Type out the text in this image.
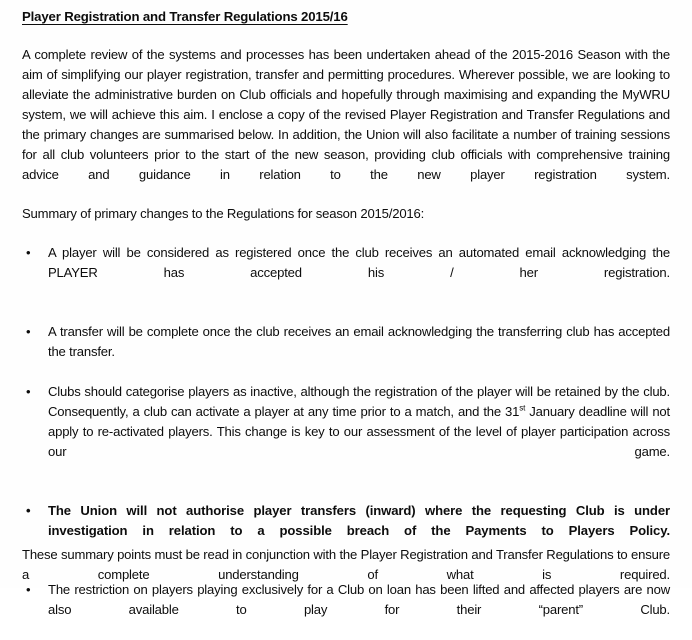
Player Registration and Transfer Regulations 2015/16
A complete review of the systems and processes has been undertaken ahead of the 2015-2016 Season with the aim of simplifying our player registration, transfer and permitting procedures. Wherever possible, we are looking to alleviate the administrative burden on Club officials and hopefully through maximising and expanding the MyWRU system, we will achieve this aim. I enclose a copy of the revised Player Registration and Transfer Regulations and the primary changes are summarised below. In addition, the Union will also facilitate a number of training sessions for all club volunteers prior to the start of the new season, providing club officials with comprehensive training advice and guidance in relation to the new player registration system.
Summary of primary changes to the Regulations for season 2015/2016:
• A player will be considered as registered once the club receives an automated email acknowledging the PLAYER has accepted his / her registration.
• A transfer will be complete once the club receives an email acknowledging the transferring club has accepted the transfer.
• Clubs should categorise players as inactive, although the registration of the player will be retained by the club. Consequently, a club can activate a player at any time prior to a match, and the 31st January deadline will not apply to re-activated players. This change is key to our assessment of the level of player participation across our game.
• The Union will not authorise player transfers (inward) where the requesting Club is under investigation in relation to a possible breach of the Payments to Players Policy.
• The restriction on players playing exclusively for a Club on loan has been lifted and affected players are now also available to play for their “parent” Club.
These summary points must be read in conjunction with the Player Registration and Transfer Regulations to ensure a complete understanding of what is required.
